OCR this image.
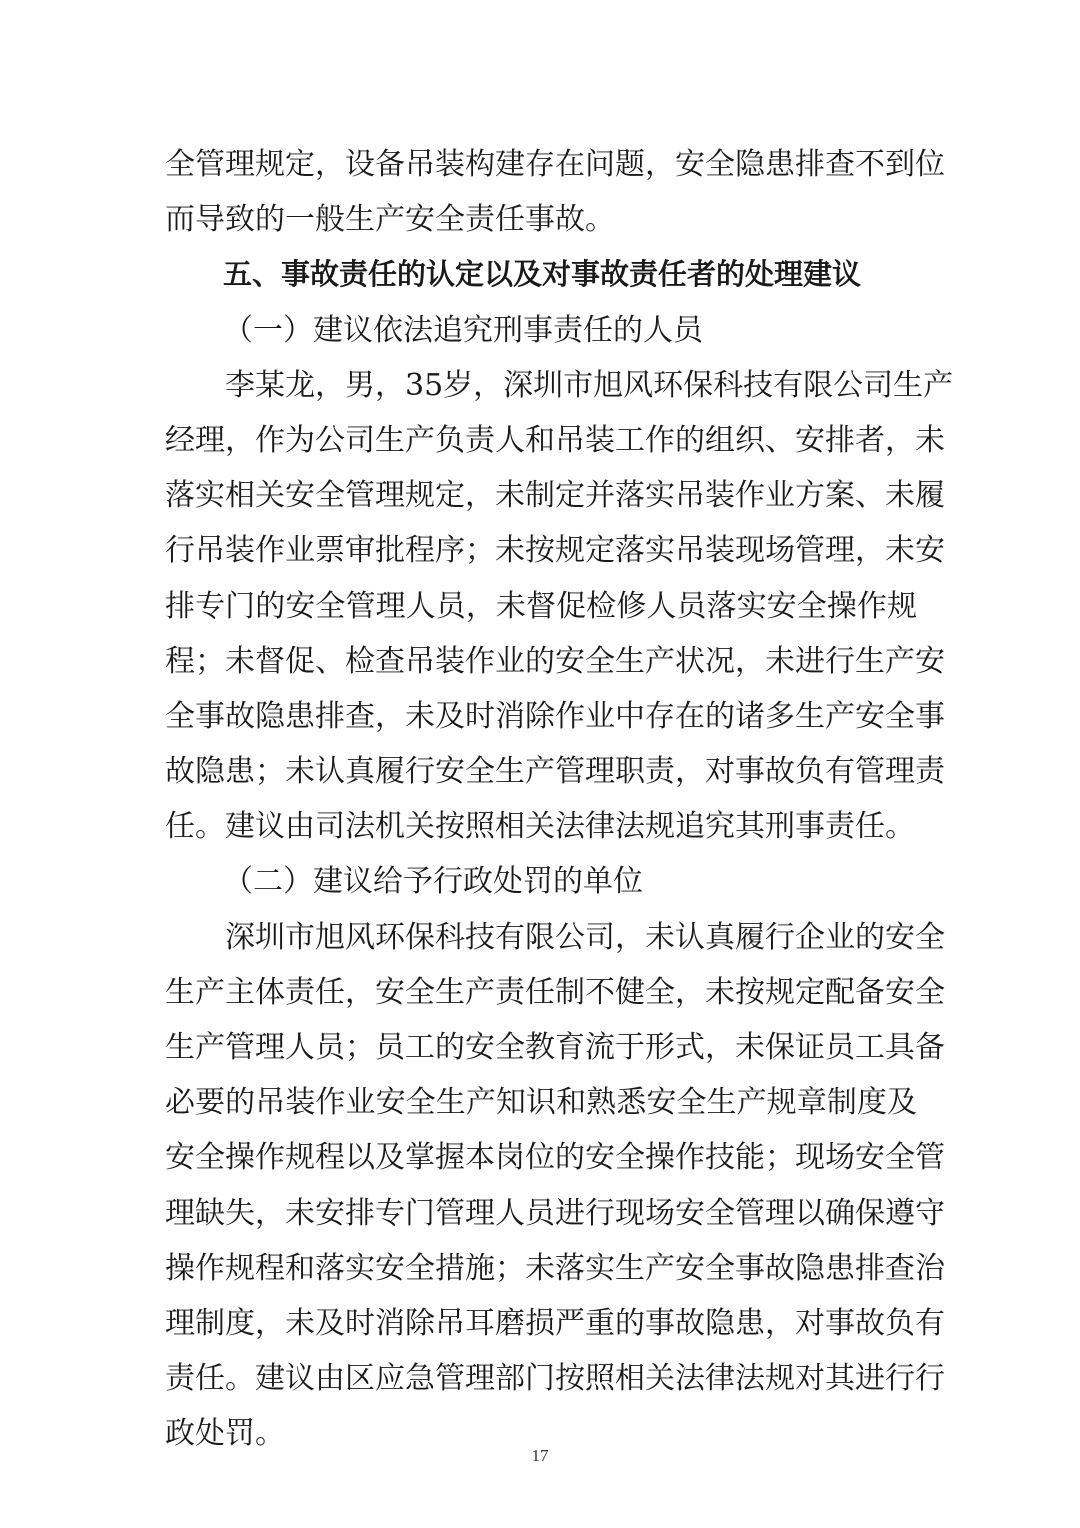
全管理规定，设备吊装构建存在问题，安全隐患排查不到位
而导致的一般生产安全责任事故。
五、事故责任的认定以及对事故责任者的处理建议
（一）建议依法追究刑事责任的人员
李某龙，男，35岁，深圳市旭风环保科技有限公司生产
经理，作为公司生产负责人和吊装工作的组织、安排者，未
落实相关安全管理规定，未制定并落实吊装作业方案、未履
行吊装作业票审批程序；未按规定落实吊装现场管理，未安
排专门的安全管理人员，未督促检修人员落实安全操作规
程；未督促、检查吊装作业的安全生产状况，未进行生产安
全事故隐患排查，未及时消除作业中存在的诸多生产安全事
故隐患；未认真履行安全生产管理职责，对事故负有管理责
任。建议由司法机关按照相关法律法规追究其刑事责任。
（二）建议给予行政处罚的单位
深圳市旭风环保科技有限公司，未认真履行企业的安全
生产主体责任，安全生产责任制不健全，未按规定配备安全
生产管理人员；员工的安全教育流于形式，未保证员工具备
必要的吊装作业安全生产知识和熟悉安全生产规章制度及
安全操作规程以及掌握本岗位的安全操作技能；现场安全管
理缺失，未安排专门管理人员进行现场安全管理以确保遵守
操作规程和落实安全措施；未落实生产安全事故隐患排查治
理制度，未及时消除吊耳磨损严重的事故隐患，对事故负有
责任。建议由区应急管理部门按照相关法律法规对其进行行
政处罚。
17
